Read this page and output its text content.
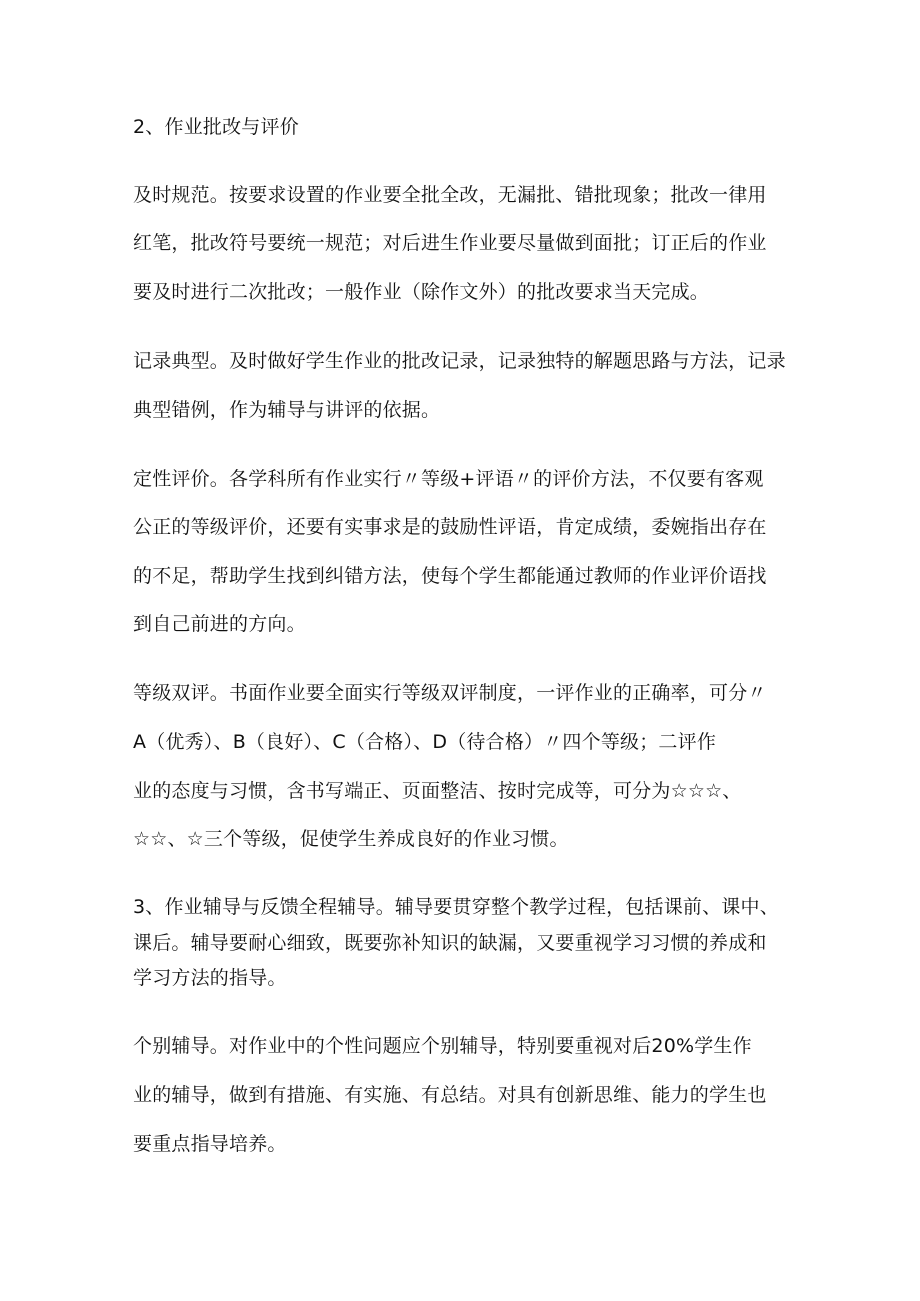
2、作业批改与评价
及时规范。按要求设置的作业要全批全改，无漏批、错批现象；批改一律用
红笔，批改符号要统一规范；对后进生作业要尽量做到面批；订正后的作业
要及时进行二次批改；一般作业（除作文外）的批改要求当天完成。
记录典型。及时做好学生作业的批改记录，记录独特的解题思路与方法，记录
典型错例，作为辅导与讲评的依据。
定性评价。各学科所有作业实行〃等级+评语〃的评价方法，不仅要有客观
公正的等级评价，还要有实事求是的鼓励性评语，肯定成绩，委婉指出存在
的不足，帮助学生找到纠错方法，使每个学生都能通过教师的作业评价语找
到自己前进的方向。
等级双评。书面作业要全面实行等级双评制度，一评作业的正确率，可分〃
A（优秀）、B（良好）、C（合格）、D（待合格）〃四个等级；二评作
业的态度与习惯，含书写端正、页面整洁、按时完成等，可分为☆☆☆、
☆☆、☆三个等级，促使学生养成良好的作业习惯。
3、作业辅导与反馈全程辅导。辅导要贯穿整个教学过程，包括课前、课中、
课后。辅导要耐心细致，既要弥补知识的缺漏，又要重视学习习惯的养成和
学习方法的指导。
个别辅导。对作业中的个性问题应个别辅导，特别要重视对后20%学生作
业的辅导，做到有措施、有实施、有总结。对具有创新思维、能力的学生也
要重点指导培养。
